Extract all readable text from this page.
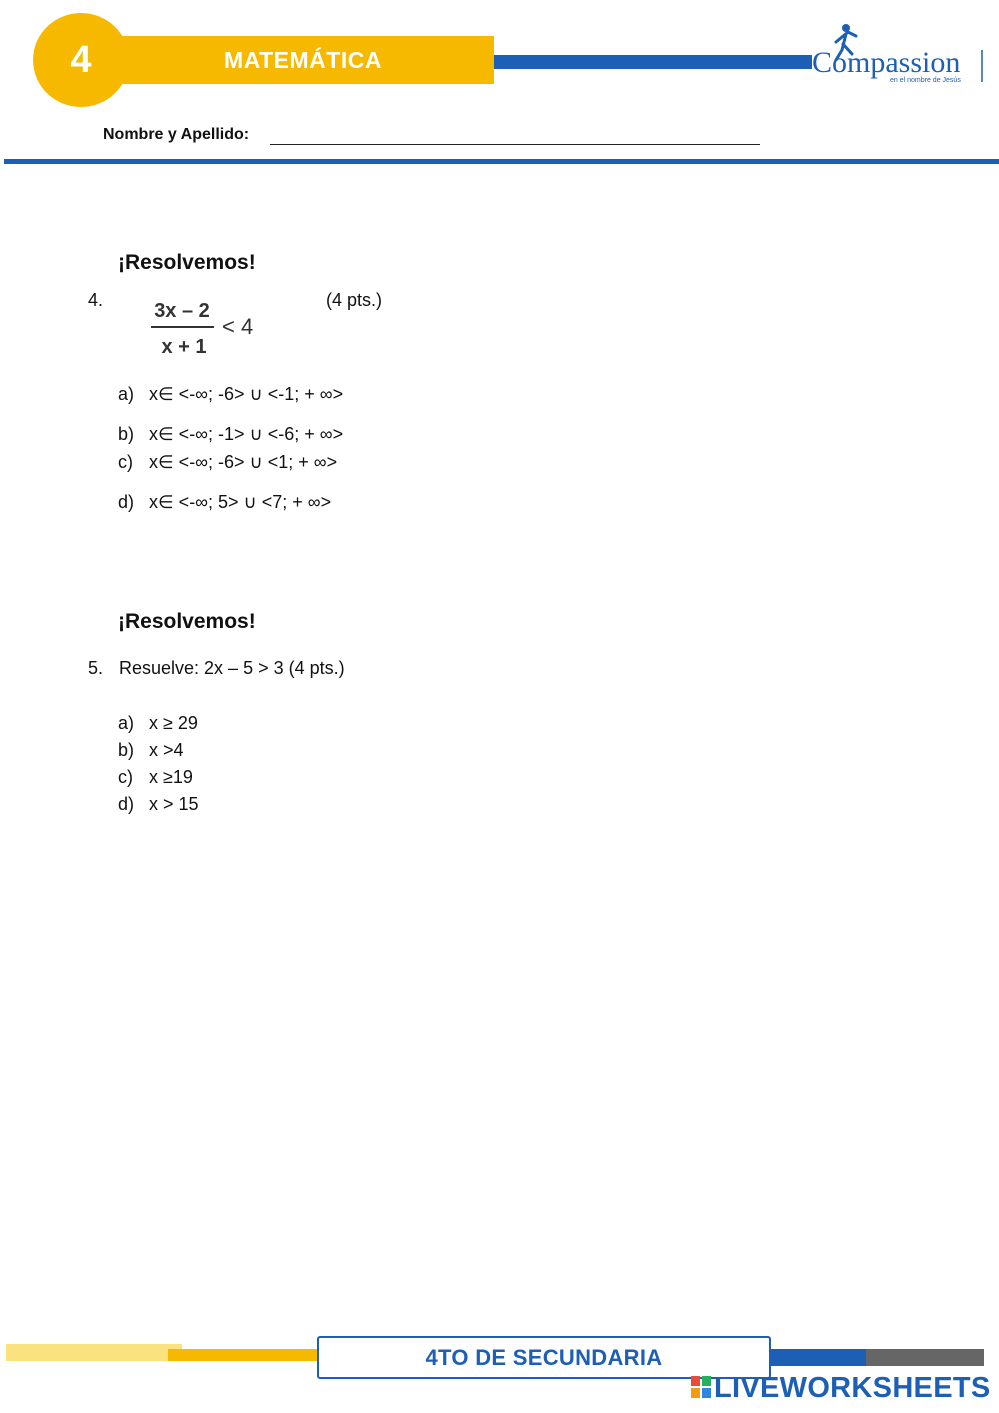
MATEMÁTICA
4	Compassion
en el nombre de Jesús
Nombre y Apellido:
¡Resolvemos!
4.	3x – 2
x + 1
< 4
(4 pts.)
a) x∈ <-∞; -6> ∪ <-1; + ∞>
b) x∈ <-∞; -1> ∪ <-6; + ∞>
c) x∈ <-∞; -6> ∪ <1; + ∞>
d) x∈ <-∞; 5> ∪ <7; + ∞>
¡Resolvemos!
5. Resuelve: 2x – 5 > 3 (4 pts.)
a) x ≥ 29
b) x >4
c) x ≥19
d) x > 15
4TO DE SECUNDARIA
LIVEWORKSHEETS
